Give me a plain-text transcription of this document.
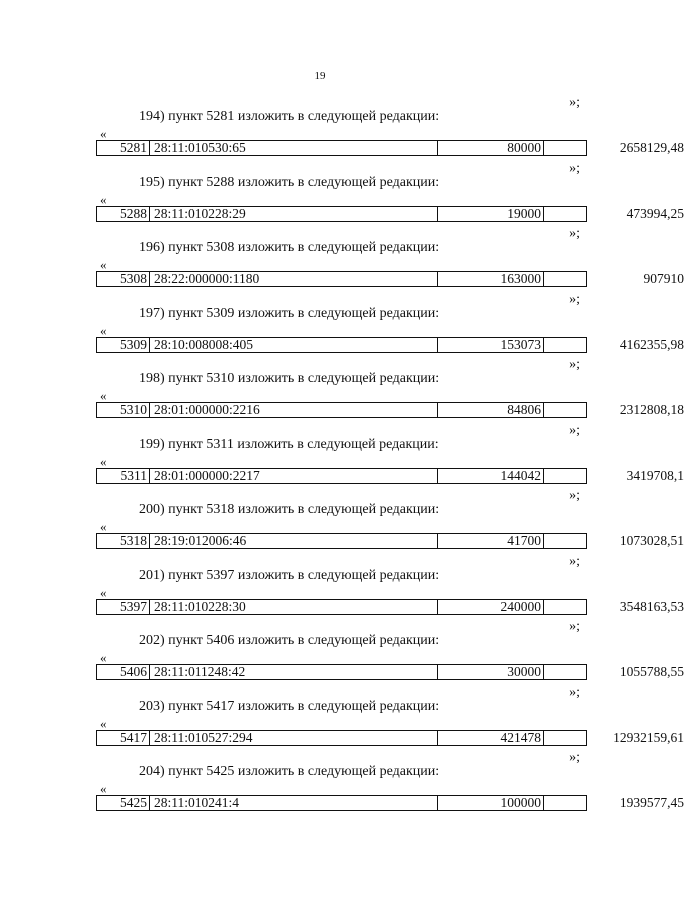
19
»;
194) пункт 5281 изложить в следующей редакции:
«
5281 28:11:010530:65	80000	2658129,48
»;
195) пункт 5288 изложить в следующей редакции:
«
5288 28:11:010228:29	19000	473994,25
»;
196) пункт 5308 изложить в следующей редакции:
«
5308 28:22:000000:1180	163000	907910
»;
197) пункт 5309 изложить в следующей редакции:
«
5309 28:10:008008:405	153073	4162355,98
»;
198) пункт 5310 изложить в следующей редакции:
«
5310 28:01:000000:2216	84806	2312808,18
»;
199) пункт 5311 изложить в следующей редакции:
«
5311 28:01:000000:2217	144042	3419708,1
»;
200) пункт 5318 изложить в следующей редакции:
«
5318 28:19:012006:46	41700	1073028,51
»;
201) пункт 5397 изложить в следующей редакции:
«
5397 28:11:010228:30	240000	3548163,53
»;
202) пункт 5406 изложить в следующей редакции:
«
5406 28:11:011248:42	30000	1055788,55
»;
203) пункт 5417 изложить в следующей редакции:
«
5417 28:11:010527:294	421478	12932159,61
»;
204) пункт 5425 изложить в следующей редакции:
«
5425 28:11:010241:4	100000	1939577,45
